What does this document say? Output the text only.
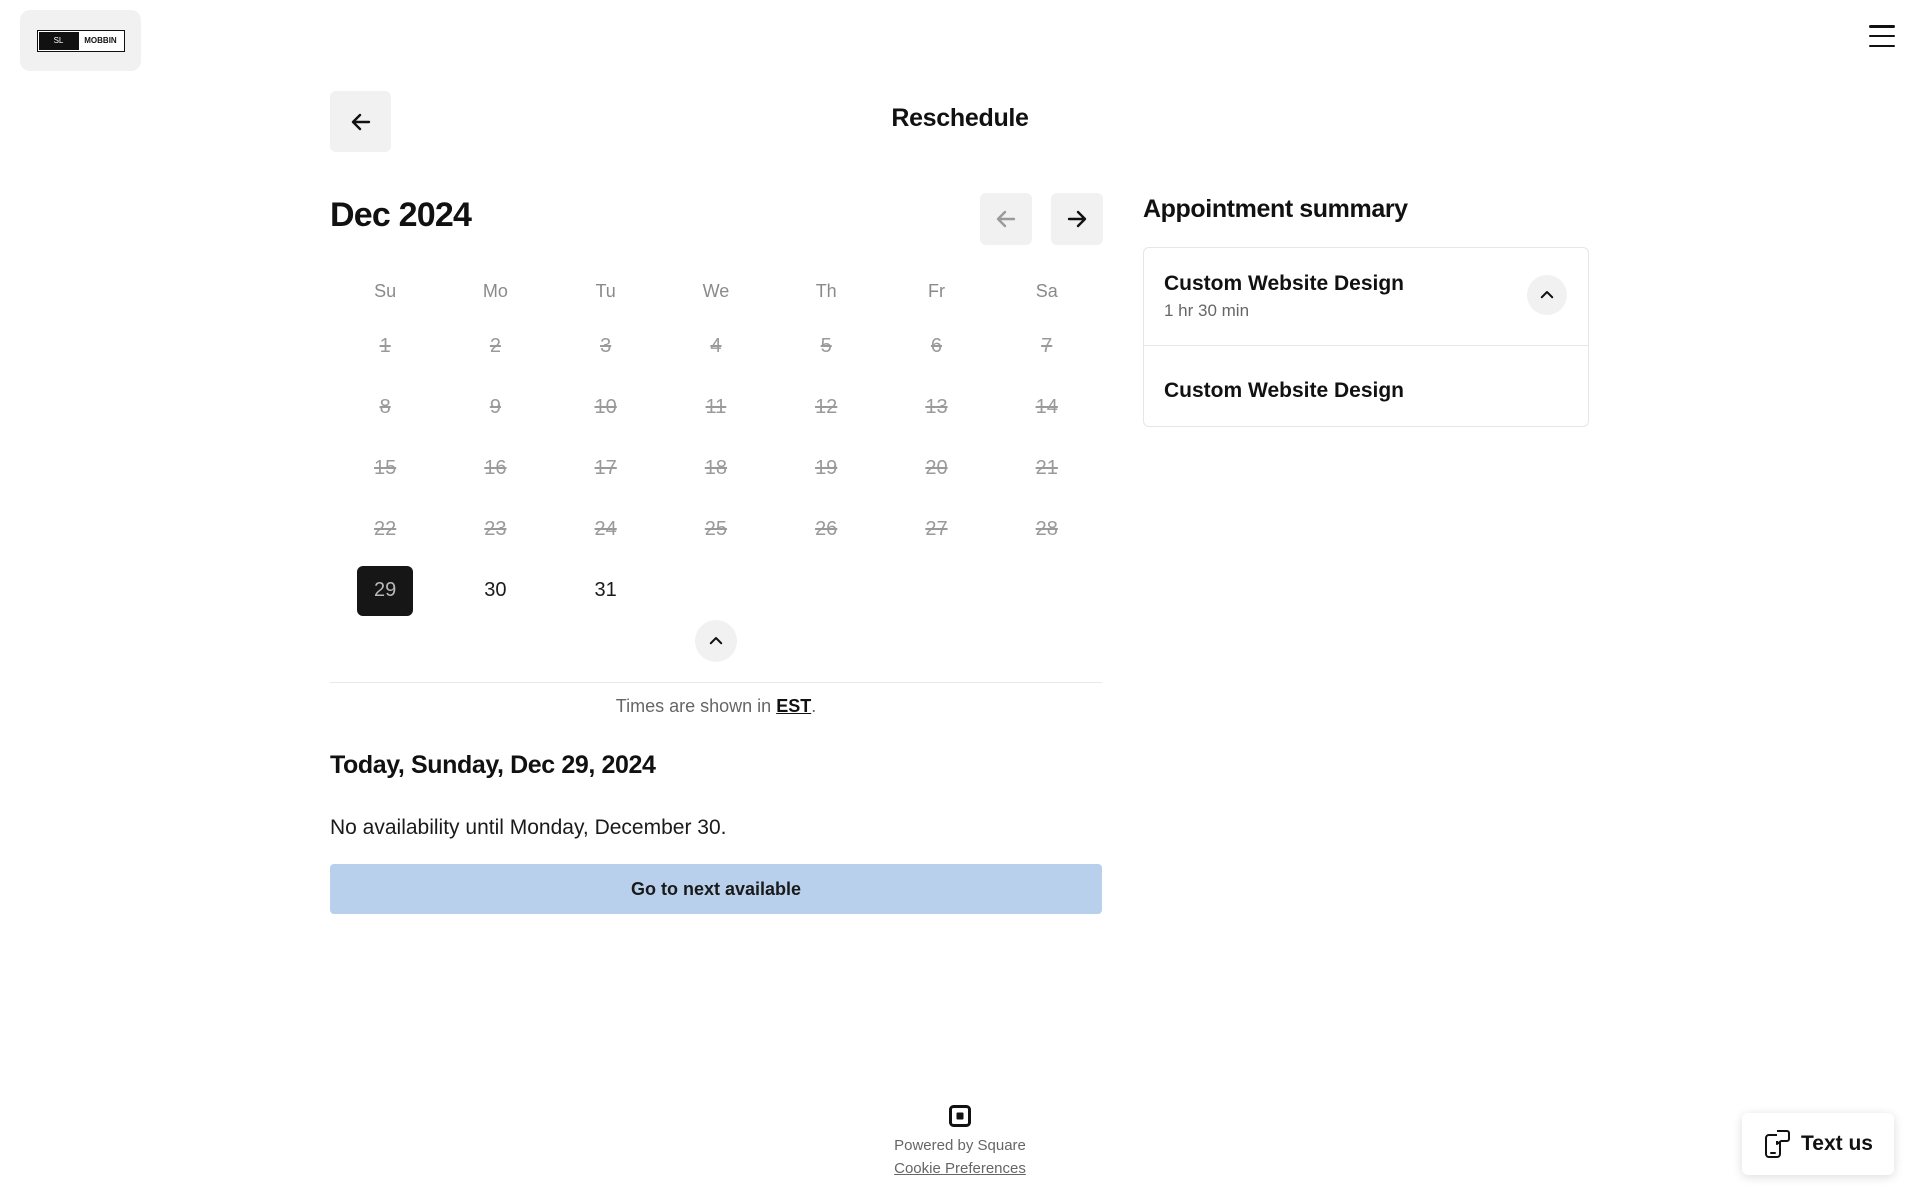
SL	MOBBIN
Reschedule
Dec 2024
Su	Mo	Tu	We	Th	Fr	Sa
1	2	3	4	5	6	7
8	9	10	11	12	13	14
15	16	17	18	19	20	21
22	23	24	25	26	27	28
29	30	31
Times are shown in EST.
Today, Sunday, Dec 29, 2024
No availability until Monday, December 30.
Go to next available
Appointment summary
Custom Website Design
1 hr 30 min
Custom Website Design
Powered by Square
Cookie Preferences
Text us
